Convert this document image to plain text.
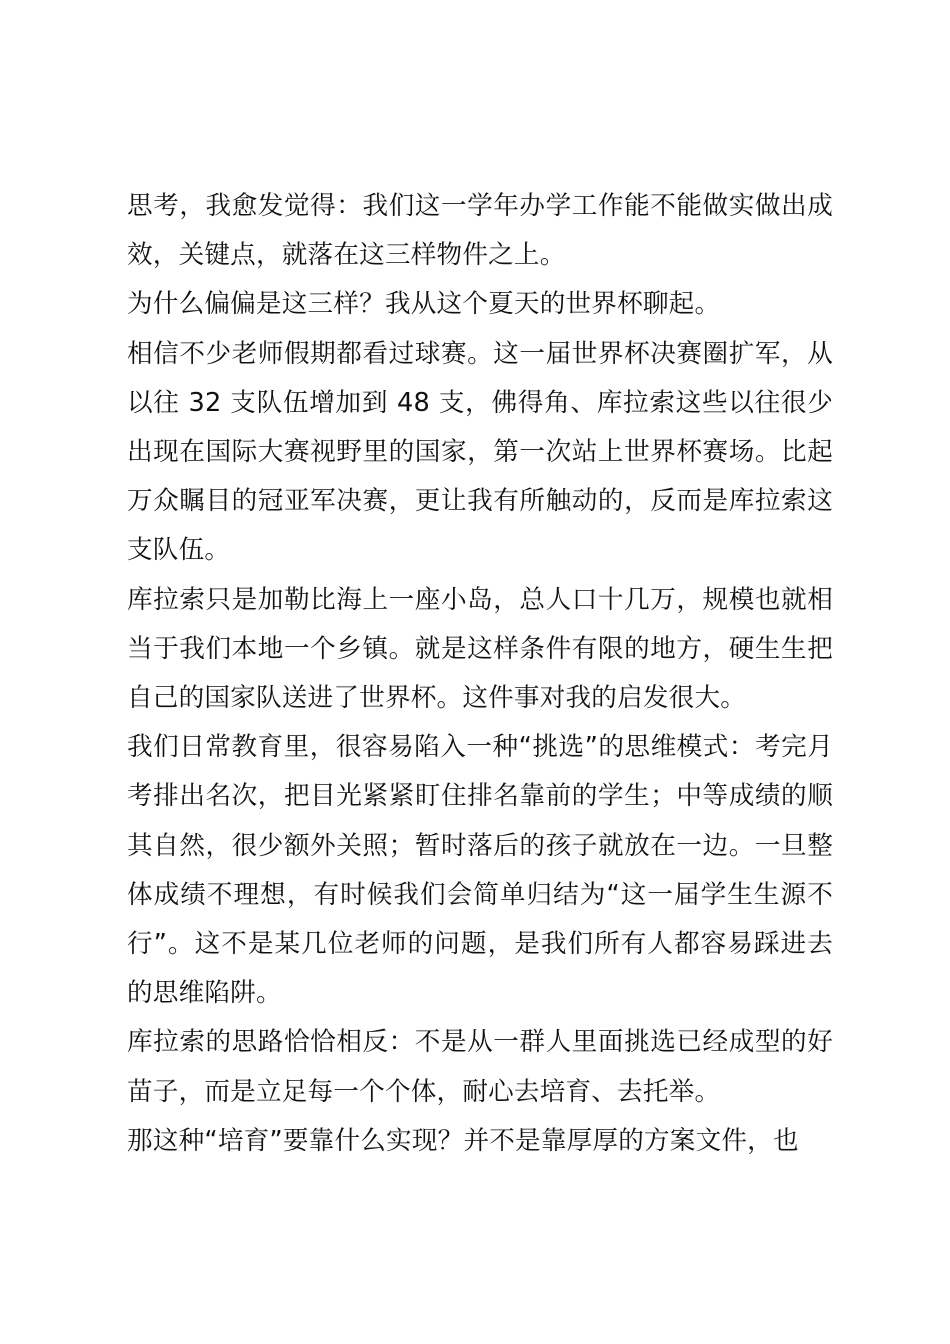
思考，我愈发觉得：我们这一学年办学工作能不能做实做出成效，关键点，就落在这三样物件之上。

为什么偏偏是这三样？我从这个夏天的世界杯聊起。

相信不少老师假期都看过球赛。这一届世界杯决赛圈扩军，从以往 32 支队伍增加到 48 支，佛得角、库拉索这些以往很少出现在国际大赛视野里的国家，第一次站上世界杯赛场。比起万众瞩目的冠亚军决赛，更让我有所触动的，反而是库拉索这支队伍。

库拉索只是加勒比海上一座小岛，总人口十几万，规模也就相当于我们本地一个乡镇。就是这样条件有限的地方，硬生生把自己的国家队送进了世界杯。这件事对我的启发很大。

我们日常教育里，很容易陷入一种“挑选”的思维模式：考完月考排出名次，把目光紧紧盯住排名靠前的学生；中等成绩的顺其自然，很少额外关照；暂时落后的孩子就放在一边。一旦整体成绩不理想，有时候我们会简单归结为“这一届学生生源不行”。这不是某几位老师的问题，是我们所有人都容易踩进去的思维陷阱。

库拉索的思路恰恰相反：不是从一群人里面挑选已经成型的好苗子，而是立足每一个个体，耐心去培育、去托举。

那这种“培育”要靠什么实现？并不是靠厚厚的方案文件，也
